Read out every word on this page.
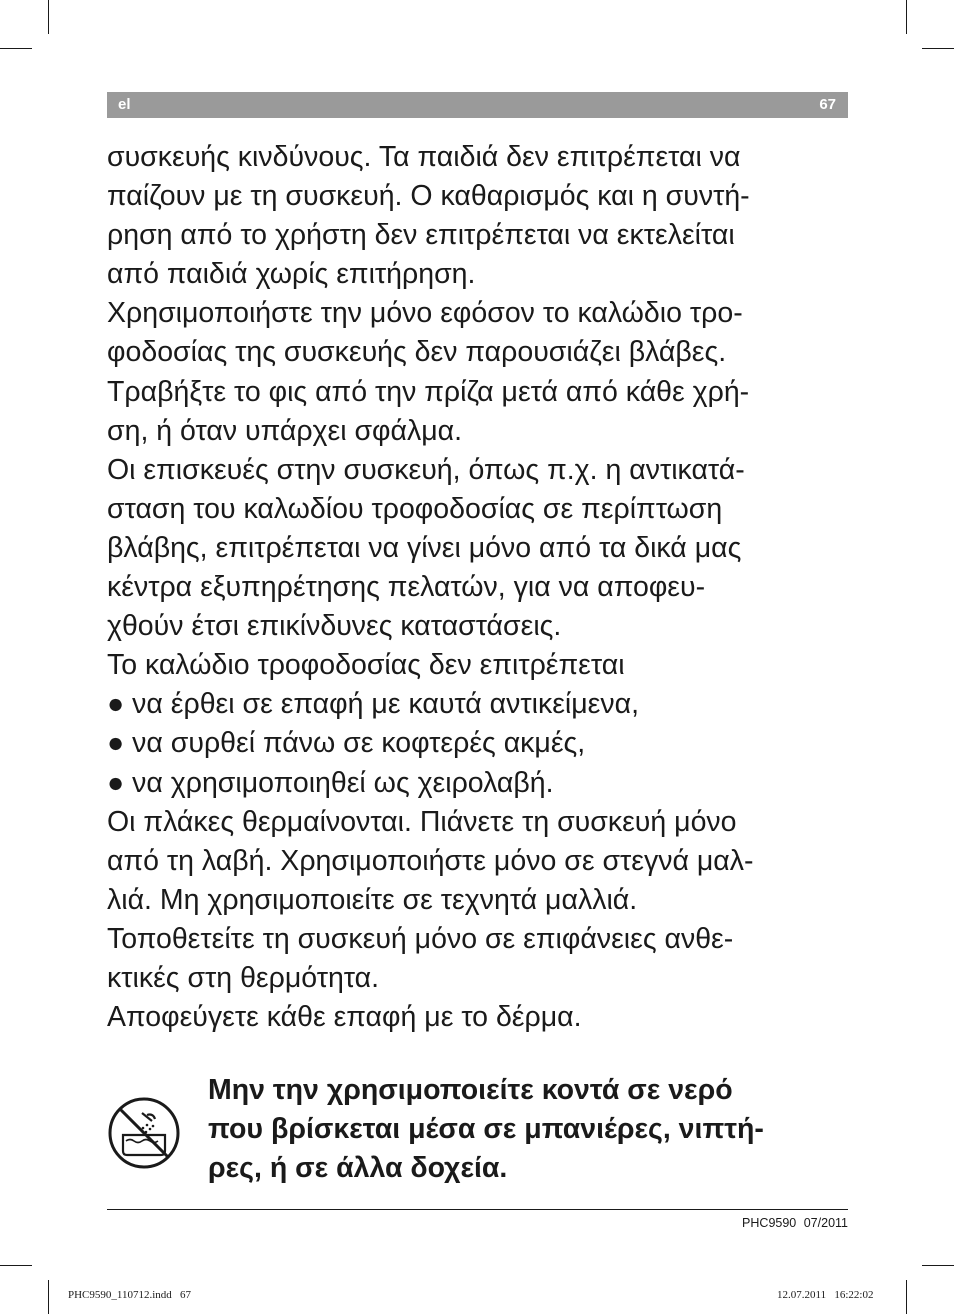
el	67
συσκευής κινδύνους. Τα παιδιά δεν επιτρέπεται να
παίζουν με τη συσκευή. Ο καθαρισμός και η συντή-
ρηση από το χρήστη δεν επιτρέπεται να εκτελείται
από παιδιά χωρίς επιτήρηση.
Χρησιμοποιήστε την μόνο εφόσον το καλώδιο τρο-
φοδοσίας της συσκευής δεν παρουσιάζει βλάβες.
Τραβήξτε το φις από την πρίζα μετά από κάθε χρή-
ση, ή όταν υπάρχει σφάλμα.
Οι επισκευές στην συσκευή, όπως π.χ. η αντικατά-
σταση του καλωδίου τροφοδοσίας σε περίπτωση
βλάβης, επιτρέπεται να γίνει μόνο από τα δικά μας
κέντρα εξυπηρέτησης πελατών, για να αποφευ-
χθούν έτσι επικίνδυνες καταστάσεις.
Το καλώδιο τροφοδοσίας δεν επιτρέπεται
● να έρθει σε επαφή με καυτά αντικείμενα,
● να συρθεί πάνω σε κοφτερές ακμές,
● να χρησιμοποιηθεί ως χειρολαβή.
Οι πλάκες θερμαίνονται. Πιάνετε τη συσκευή μόνο
από τη λαβή. Χρησιμοποιήστε μόνο σε στεγνά μαλ-
λιά. Μη χρησιμοποιείτε σε τεχνητά μαλλιά.
Τοποθετείτε τη συσκευή μόνο σε επιφάνειες ανθε-
κτικές στη θερμότητα.
Αποφεύγετε κάθε επαφή με το δέρμα.
Μην την χρησιμοποιείτε κοντά σε νερό
που βρίσκεται μέσα σε μπανιέρες, νιπτή-
ρες, ή σε άλλα δοχεία.
PHC9590 07/2011
PHC9590_110712.indd   67	12.07.2011   16:22:02
